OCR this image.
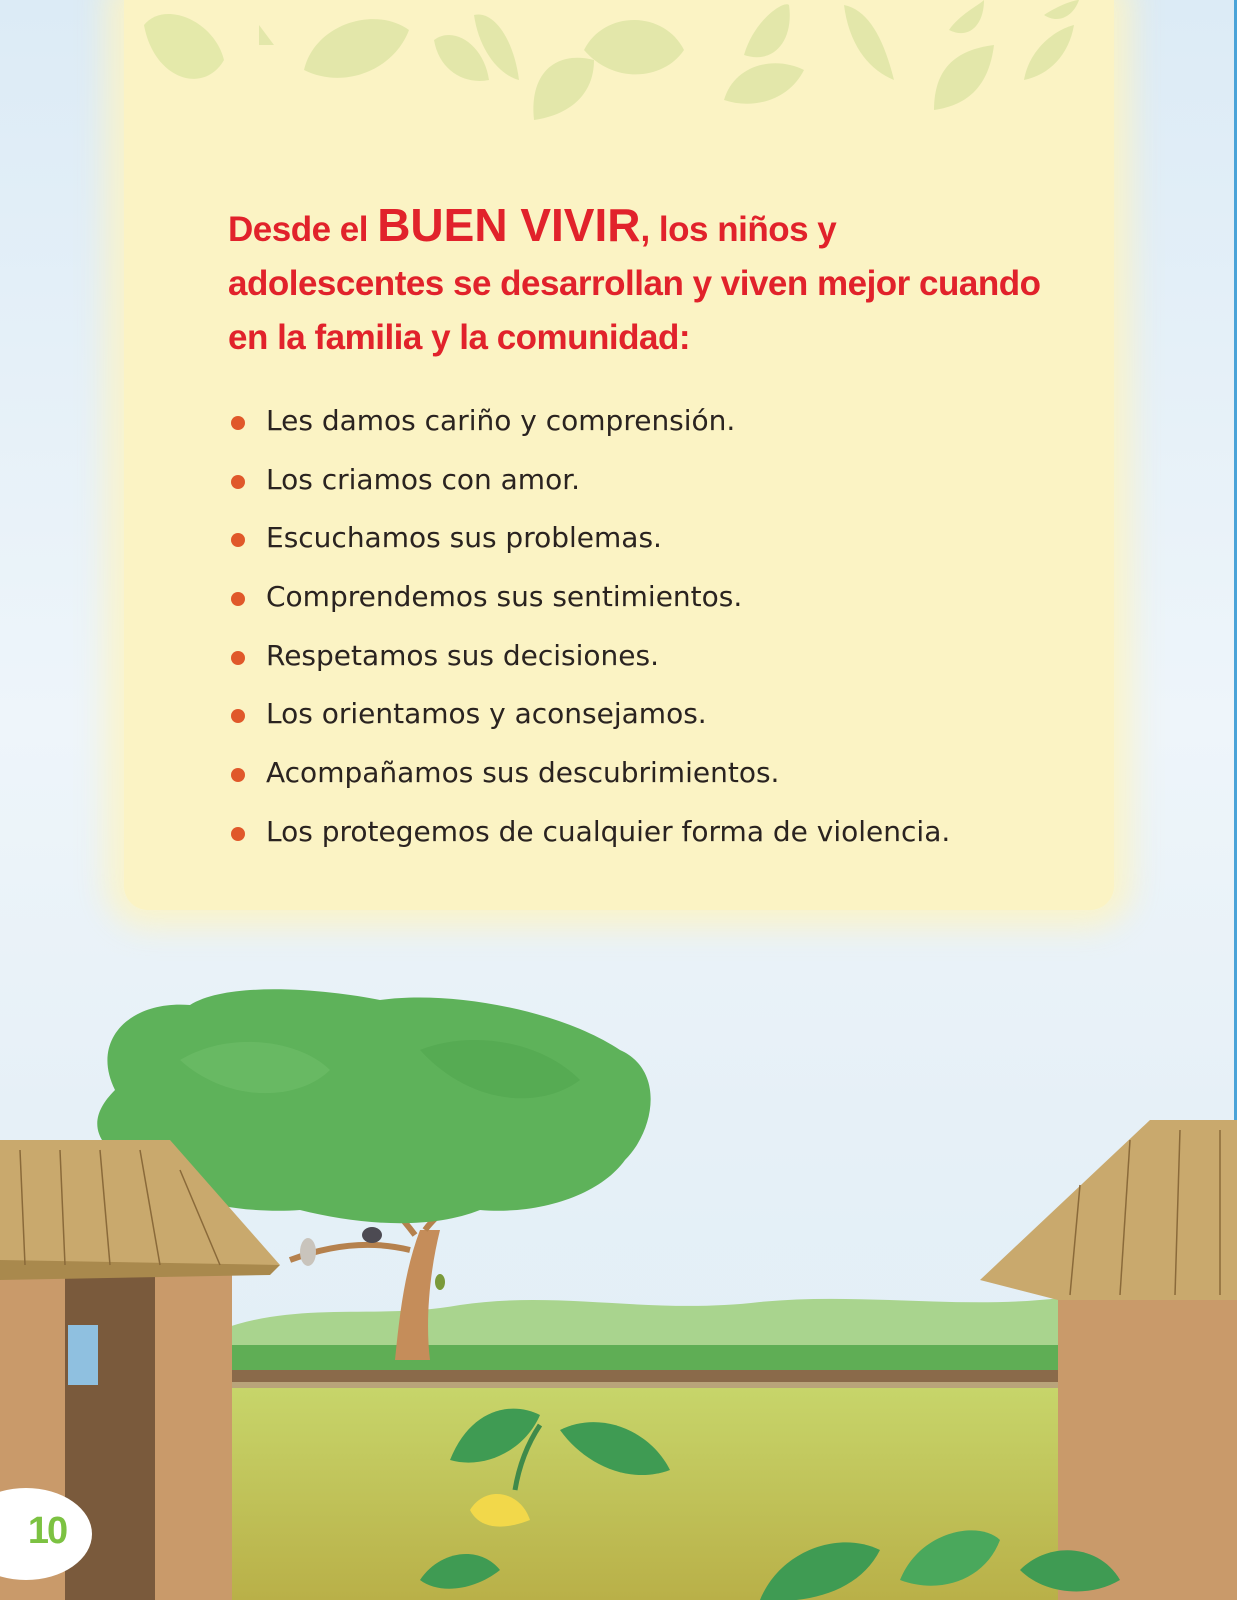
Desde el BUEN VIVIR, los niños y adolescentes se desarrollan y viven mejor cuando en la familia y la comunidad:

Les damos cariño y comprensión.
Los criamos con amor.
Escuchamos sus problemas.
Comprendemos sus sentimientos.
Respetamos sus decisiones.
Los orientamos y aconsejamos.
Acompañamos sus descubrimientos.
Los protegemos de cualquier forma de violencia.
10
